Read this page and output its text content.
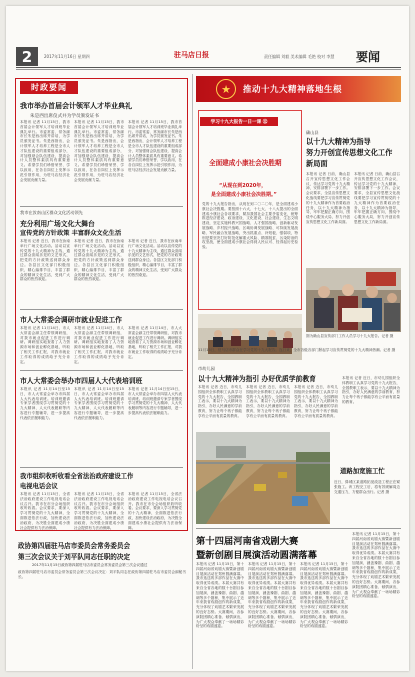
2	2017年11月16日 星期四	驻马店日报	责任编辑 刘毅 美术编辑 毛艳 校对 李慧 要闻
时政要闻
我市举办首届会计领军人才毕业典礼
朱是西出席仪式并为学员颁发证书
本报讯 记者 11月15日，我市首届会计领军人才培训班毕业典礼举行。市委常委、常务副市长朱是西出席并讲话，为学员颁发证书。朱是西指出，会计领军人才培养工程是全市人才队伍建设的重要组成部分，对加强财会队伍建设、提高会计人员整体素质具有重要意义。希望学员们珍惜荣誉、学以致用，在各自岗位上发挥示范引领作用，为驻马店经济社会发展贡献力量。
本报讯 记者 11月15日，我市首届会计领军人才培训班毕业典礼举行。市委常委、常务副市长朱是西出席并讲话，为学员颁发证书。朱是西指出，会计领军人才培养工程是全市人才队伍建设的重要组成部分，对加强财会队伍建设、提高会计人员整体素质具有重要意义。希望学员们珍惜荣誉、学以致用，在各自岗位上发挥示范引领作用，为驻马店经济社会发展贡献力量。
本报讯 记者 11月15日，我市首届会计领军人才培训班毕业典礼举行。市委常委、常务副市长朱是西出席并讲话，为学员颁发证书。朱是西指出，会计领军人才培养工程是全市人才队伍建设的重要组成部分，对加强财会队伍建设、提高会计人员整体素质具有重要意义。希望学员们珍惜荣誉、学以致用，在各自岗位上发挥示范引领作用，为驻马店经济社会发展贡献力量。
我市在汝南山区群众文化活动领先
充分利用广场文化大舞台
宣传党的方针政策 丰富群众文化生活
本报讯 记者 近日，我市在汝南举行广场文化活动。活动以宣传党的十九大精神为主线，通过群众喜闻乐见的文艺形式，把党的方针政策送到群众身边。各县区文化部门积极组织，精心编排节目，丰富了群众的精神文化生活，受到广大群众的热烈欢迎。
本报讯 记者 近日，我市在汝南举行广场文化活动。活动以宣传党的十九大精神为主线，通过群众喜闻乐见的文艺形式，把党的方针政策送到群众身边。各县区文化部门积极组织，精心编排节目，丰富了群众的精神文化生活，受到广大群众的热烈欢迎。
本报讯 记者 近日，我市在汝南举行广场文化活动。活动以宣传党的十九大精神为主线，通过群众喜闻乐见的文艺形式，把党的方针政策送到群众身边。各县区文化部门积极组织，精心编排节目，丰富了群众的精神文化生活，受到广大群众的热烈欢迎。
市人大常委会调研市就业促进工作
本报讯 记者 11月14日，市人大常委会副主任带领调研组，对我市就业促进工作进行调研。调研组实地查看了人力资源市场和创业孵化基地，听取了相关工作汇报，对我市就业工作取得的成绩给予充分肯定。
本报讯 记者 11月14日，市人大常委会副主任带领调研组，对我市就业促进工作进行调研。调研组实地查看了人力资源市场和创业孵化基地，听取了相关工作汇报，对我市就业工作取得的成绩给予充分肯定。
本报讯 记者 11月14日，市人大常委会副主任带领调研组，对我市就业促进工作进行调研。调研组实地查看了人力资源市场和创业孵化基地，听取了相关工作汇报，对我市就业工作取得的成绩给予充分肯定。
市人大常委会举办市四届人大代表培训班
本报讯 记者 11月14日至15日，市人大常委会举办市四届人大代表培训班。培训班邀请专家学者围绕学习贯彻党的十九大精神、人大代表履职等内容进行专题辅导，进一步提高代表依法履职能力。
本报讯 记者 11月14日至15日，市人大常委会举办市四届人大代表培训班。培训班邀请专家学者围绕学习贯彻党的十九大精神、人大代表履职等内容进行专题辅导，进一步提高代表依法履职能力。
本报讯 记者 11月14日至15日，市人大常委会举办市四届人大代表培训班。培训班邀请专家学者围绕学习贯彻党的十九大精神、人大代表履职等内容进行专题辅导，进一步提高代表依法履职能力。
我市组织收听收看全省法治政府建设工作
电视电话会议
本报讯 记者 11月15日，全省法治政府建设工作电视电话会议召开。我市在市分会场组织收听收看。会议要求，要深入学习贯彻党的十九大精神，全面推进依法行政，加快建设法治政府，为决胜全面建成小康社会提供有力法治保障。
本报讯 记者 11月15日，全省法治政府建设工作电视电话会议召开。我市在市分会场组织收听收看。会议要求，要深入学习贯彻党的十九大精神，全面推进依法行政，加快建设法治政府，为决胜全面建成小康社会提供有力法治保障。
本报讯 记者 11月15日，全省法治政府建设工作电视电话会议召开。我市在市分会场组织收听收看。会议要求，要深入学习贯彻党的十九大精神，全面推进依法行政，加快建设法治政府，为决胜全面建成小康社会提供有力法治保障。
政协第四届驻马店市委员会常务委员会
第三次会议关于刘平队同志任职的决定
2017年11月15日政协第四届驻马店市委员会常务委员会第三次会议通过
政协第四届驻马店市委员会常务委员会第三次会议决定：刘平队同志任政协第四届驻马店市委员会副秘书长。
★	推动十九大精神落地生根
学习十九大报告一日一课 ⑫
全面建成小康社会决胜期
“从现在到2020年，
是全面建成小康社会决胜期。”
党的十九大报告指出，从现在到二〇二〇年，是全面建成小康社会决胜期。要按照十六大、十七大、十八大提出的全面建成小康社会各项要求，紧扣我国社会主要矛盾变化，统筹推进经济建设、政治建设、文化建设、社会建设、生态文明建设，坚定实施科教兴国战略、人才强国战略、创新驱动发展战略、乡村振兴战略、区域协调发展战略、可持续发展战略、军民融合发展战略，突出抓重点、补短板、强弱项，特别是要坚决打好防范化解重大风险、精准脱贫、污染防治的攻坚战，使全面建成小康社会得到人民认可、经得起历史检验。
确山县
以十九大精神为指导
努力开创宣传思想文化工作
新局面
本报讯 记者 日前，确山县召开宣传思想文化工作会议，传达学习党的十九大精神，安排部署下一步工作。会议要求，全县宣传思想文化战线要把学习宣传贯彻党的十九大精神作为首要政治任务，以十九大精神为指导，牢牢把握正确方向，围绕中心服务大局，努力开创宣传思想文化工作新局面。
本报讯 记者 日前，确山县召开宣传思想文化工作会议，传达学习党的十九大精神，安排部署下一步工作。会议要求，全县宣传思想文化战线要把学习宣传贯彻党的十九大精神作为首要政治任务，以十九大精神为指导，牢牢把握正确方向，围绕中心服务大局，努力开创宣传思想文化工作新局面。
图为确山县宣传部门工作人员学习十九大报告。记者 摄
11月15日，驻马店市群众在学习党的十九大报告。连日来，全市各级各部门掀起学习宣传贯彻党的十九大精神热潮。记者 摄
市幼儿园
以十九大精神为指引 办好优质学前教育
本报讯 记者 近日，市幼儿园组织全体教职工认真学习党的十九大报告，全园教职工表示，要以十九大精神为指引，办好人民满意的学前教育，努力让每个孩子都能享有公平而有质量的教育。
本报讯 记者 近日，市幼儿园组织全体教职工认真学习党的十九大报告，全园教职工表示，要以十九大精神为指引，办好人民满意的学前教育，努力让每个孩子都能享有公平而有质量的教育。
本报讯 记者 近日，市幼儿园组织全体教职工认真学习党的十九大报告，全园教职工表示，要以十九大精神为指引，办好人民满意的学前教育，努力让每个孩子都能享有公平而有质量的教育。
本报讯 记者 近日，市幼儿园组织全体教职工认真学习党的十九大报告，全园教职工表示，要以十九大精神为指引，办好人民满意的学前教育，努力让每个孩子都能享有公平而有质量的教育。
道路加宽施工忙
近日，驿城区某道路拓宽改造工程正在紧张施工。该工程完工后，将有效缓解周边交通压力，方便群众出行。记者 摄
第十四届河南省戏剧大赛
暨新创剧目展演活动圆满落幕
本报讯 记者 11月15日，第十四届河南省戏剧大赛暨新创剧目展演活动在郑州圆满落幕。我市选送的多部作品在大赛中取得优异成绩。本届大赛共有来自全省各地的数十台剧目参加展演，涵盖豫剧、曲剧、越调等多个剧种，集中展示了近年来我省戏剧创作的新成果，充分体现了戏剧艺术繁荣发展的良好态势。大赛期间，各参演院团精心准备、倾情演出，为广大观众奉献了一场场精彩纷呈的戏剧盛宴。
本报讯 记者 11月15日，第十四届河南省戏剧大赛暨新创剧目展演活动在郑州圆满落幕。我市选送的多部作品在大赛中取得优异成绩。本届大赛共有来自全省各地的数十台剧目参加展演，涵盖豫剧、曲剧、越调等多个剧种，集中展示了近年来我省戏剧创作的新成果，充分体现了戏剧艺术繁荣发展的良好态势。大赛期间，各参演院团精心准备、倾情演出，为广大观众奉献了一场场精彩纷呈的戏剧盛宴。
本报讯 记者 11月15日，第十四届河南省戏剧大赛暨新创剧目展演活动在郑州圆满落幕。我市选送的多部作品在大赛中取得优异成绩。本届大赛共有来自全省各地的数十台剧目参加展演，涵盖豫剧、曲剧、越调等多个剧种，集中展示了近年来我省戏剧创作的新成果，充分体现了戏剧艺术繁荣发展的良好态势。大赛期间，各参演院团精心准备、倾情演出，为广大观众奉献了一场场精彩纷呈的戏剧盛宴。
本报讯 记者 11月15日，第十四届河南省戏剧大赛暨新创剧目展演活动在郑州圆满落幕。我市选送的多部作品在大赛中取得优异成绩。本届大赛共有来自全省各地的数十台剧目参加展演，涵盖豫剧、曲剧、越调等多个剧种，集中展示了近年来我省戏剧创作的新成果，充分体现了戏剧艺术繁荣发展的良好态势。大赛期间，各参演院团精心准备、倾情演出，为广大观众奉献了一场场精彩纷呈的戏剧盛宴。
